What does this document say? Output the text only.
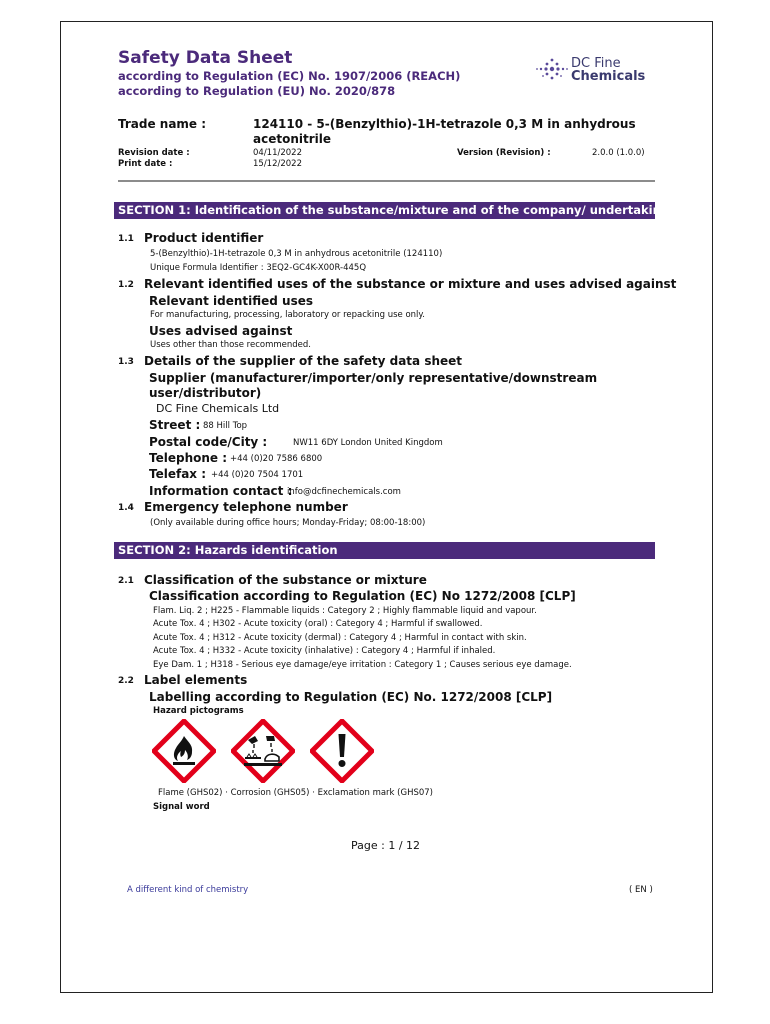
Safety Data Sheet
according to Regulation (EC) No. 1907/2006 (REACH)
according to Regulation (EU) No. 2020/878
DC Fine
Chemicals
Trade name :	124110 - 5-(Benzylthio)-1H-tetrazole 0,3 M in anhydrous
acetonitrile
Revision date :	04/11/2022	Version (Revision) :	2.0.0 (1.0.0)
Print date :	15/12/2022
SECTION 1: Identification of the substance/mixture and of the company/ undertaking
1.1 Product identifier
5-(Benzylthio)-1H-tetrazole 0,3 M in anhydrous acetonitrile (124110)
Unique Formula Identifier : 3EQ2-GC4K-X00R-445Q
1.2 Relevant identified uses of the substance or mixture and uses advised against
Relevant identified uses
For manufacturing, processing, laboratory or repacking use only.
Uses advised against
Uses other than those recommended.
1.3 Details of the supplier of the safety data sheet
Supplier (manufacturer/importer/only representative/downstream
user/distributor)
DC Fine Chemicals Ltd
Street : 88 Hill Top
Postal code/City :	NW11 6DY London United Kingdom
Telephone : +44 (0)20 7586 6800
Telefax : +44 (0)20 7504 1701
Information contact :
info@dcfinechemicals.com
1.4 Emergency telephone number
(Only available during office hours; Monday-Friday; 08:00-18:00)
SECTION 2: Hazards identification
2.1 Classification of the substance or mixture
Classification according to Regulation (EC) No 1272/2008 [CLP]
Flam. Liq. 2 ; H225 - Flammable liquids : Category 2 ; Highly flammable liquid and vapour.
Acute Tox. 4 ; H302 - Acute toxicity (oral) : Category 4 ; Harmful if swallowed.
Acute Tox. 4 ; H312 - Acute toxicity (dermal) : Category 4 ; Harmful in contact with skin.
Acute Tox. 4 ; H332 - Acute toxicity (inhalative) : Category 4 ; Harmful if inhaled.
Eye Dam. 1 ; H318 - Serious eye damage/eye irritation : Category 1 ; Causes serious eye damage.
2.2 Label elements
Labelling according to Regulation (EC) No. 1272/2008 [CLP]
Hazard pictograms
Flame (GHS02) · Corrosion (GHS05) · Exclamation mark (GHS07)
Signal word
Page : 1 / 12
A different kind of chemistry	( EN )
